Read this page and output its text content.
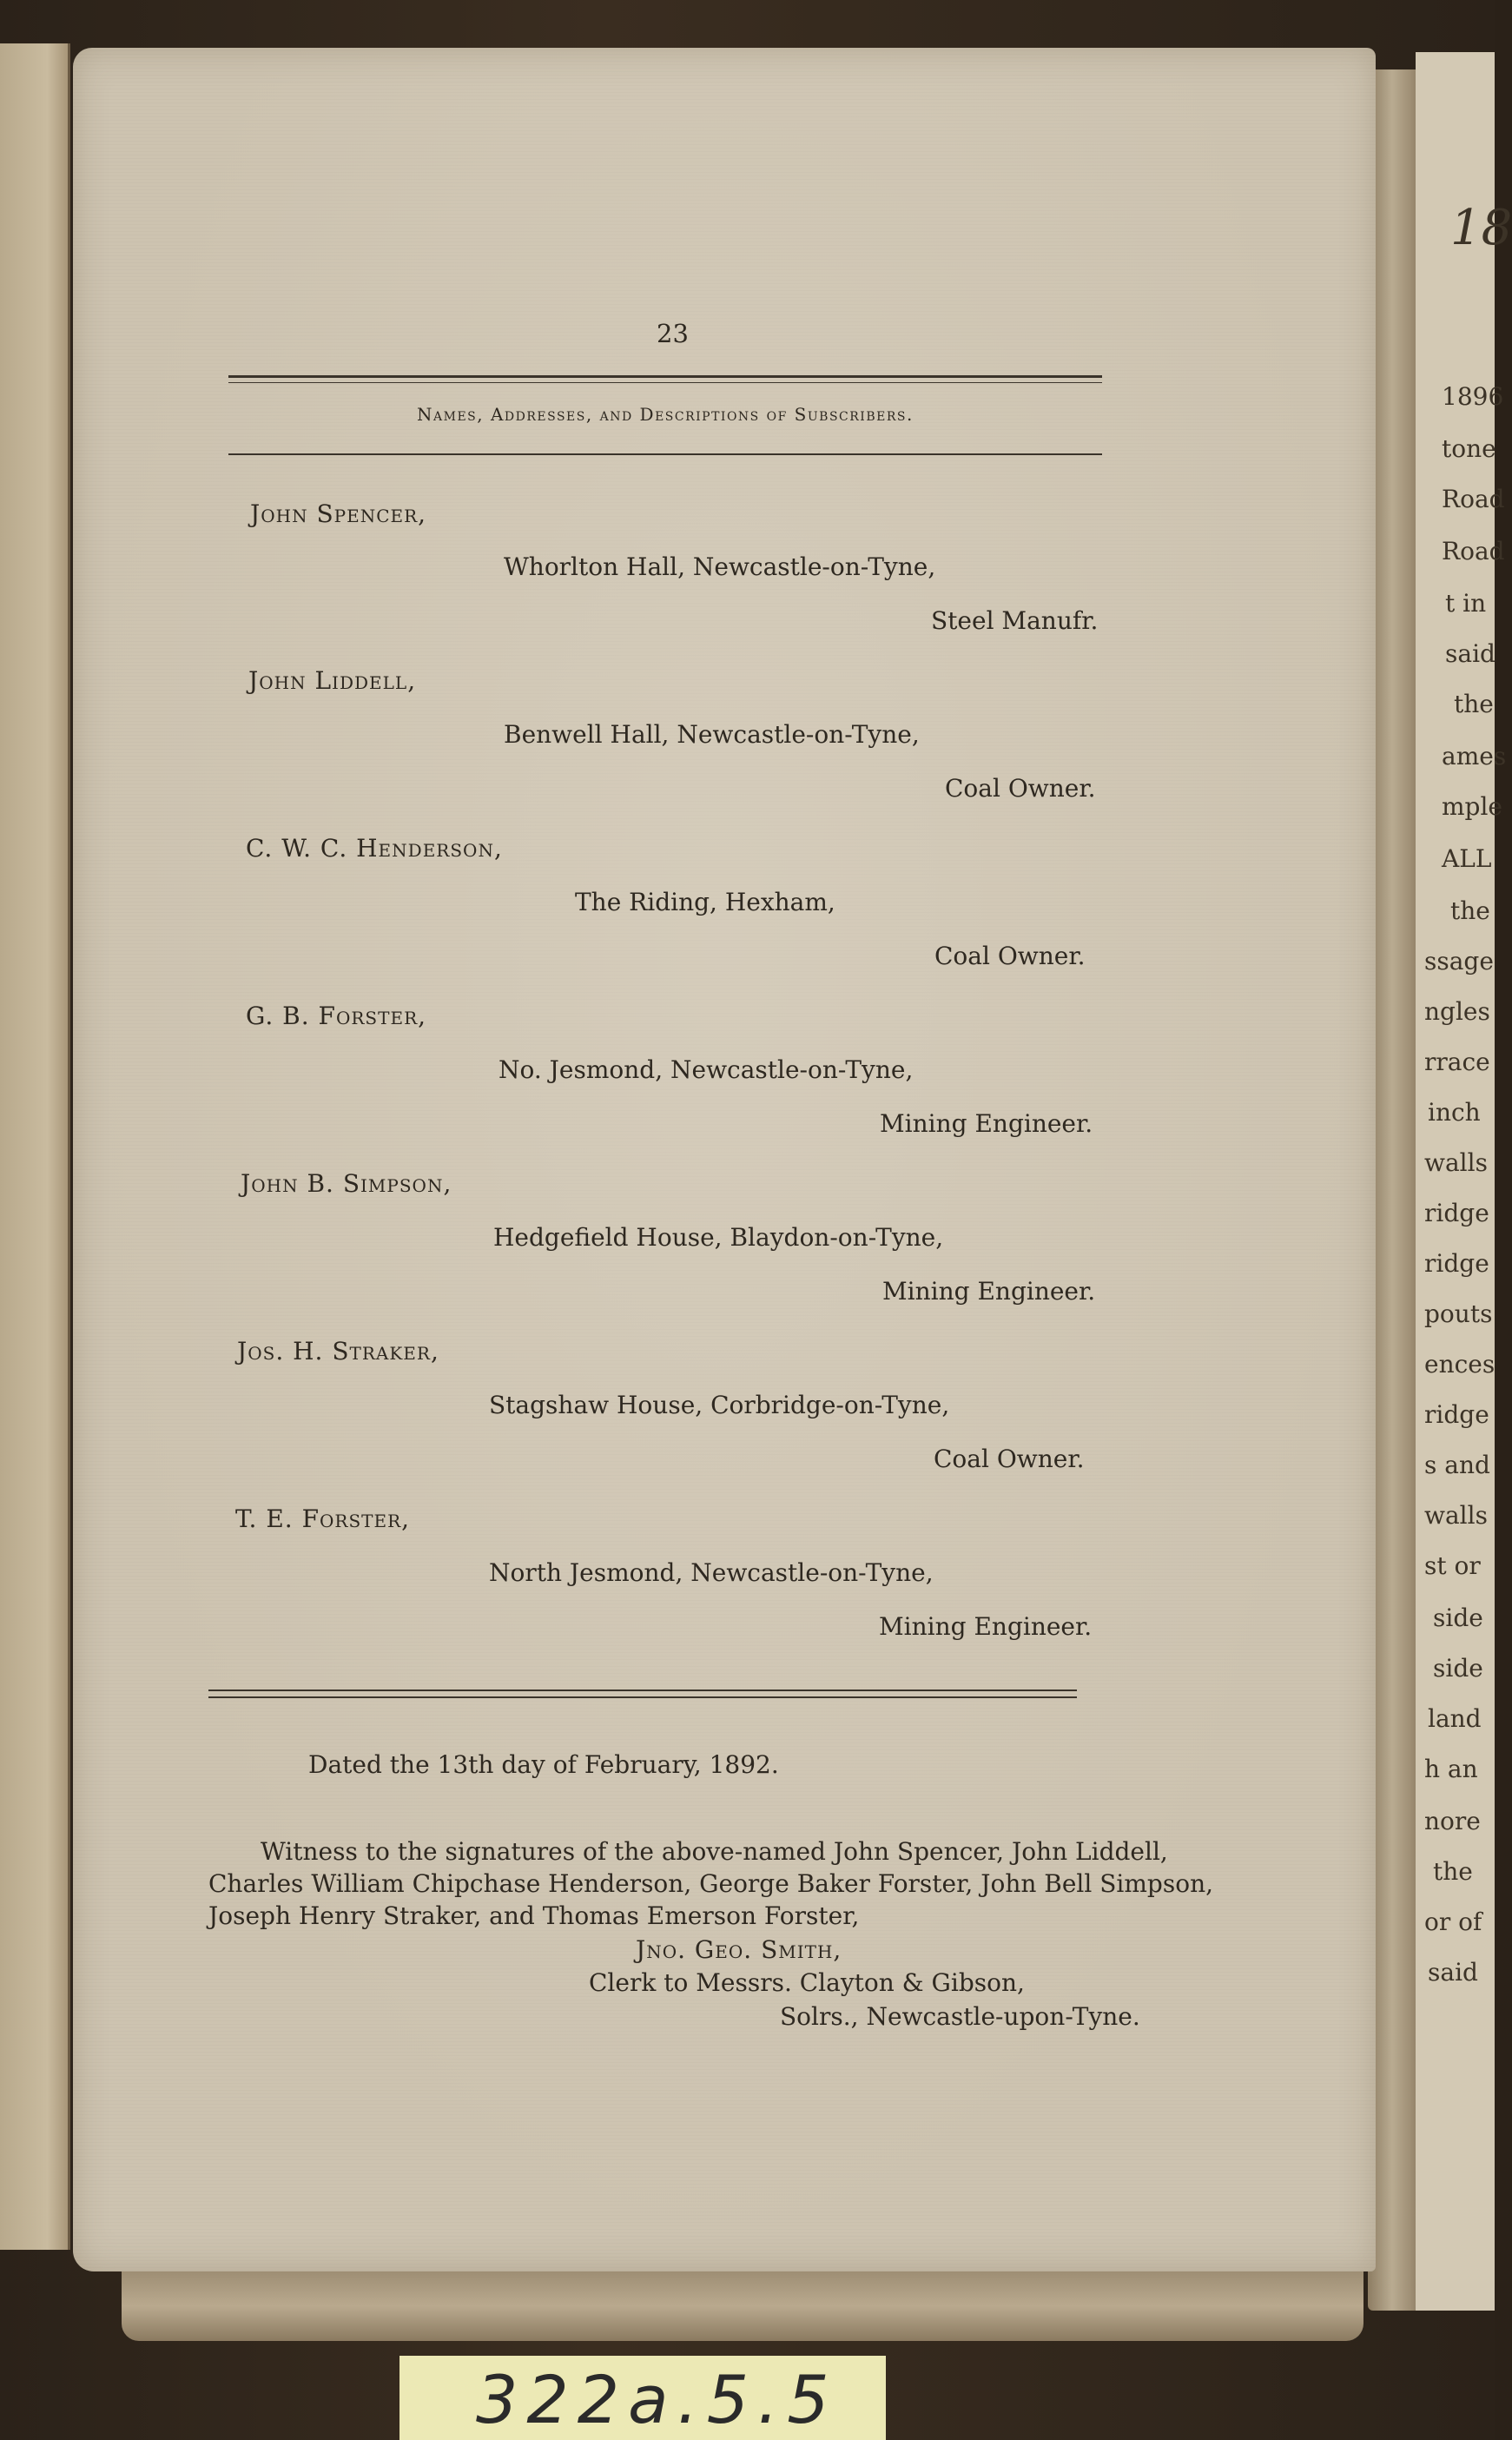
18
1896
tone
Road
Road
t in
said
the
ames
mple
ALL
the
ssage
ngles
rrace
inch
walls
ridge
ridge
pouts
ences
ridge
s and
walls
st or
side
side
land
h an
nore
the
or of
said
23
Names, Addresses, and Descriptions of Subscribers.
John Spencer,
Whorlton Hall, Newcastle-on-Tyne,
Steel Manufr.
John Liddell,
Benwell Hall, Newcastle-on-Tyne,
Coal Owner.
C. W. C. Henderson,
The Riding, Hexham,
Coal Owner.
G. B. Forster,
No. Jesmond, Newcastle-on-Tyne,
Mining Engineer.
John B. Simpson,
Hedgefield House, Blaydon-on-Tyne,
Mining Engineer.
Jos. H. Straker,
Stagshaw House, Corbridge-on-Tyne,
Coal Owner.
T. E. Forster,
North Jesmond, Newcastle-on-Tyne,
Mining Engineer.
Dated the 13th day of February, 1892.
Witness to the signatures of the above-named John Spencer, John Liddell,
Charles William Chipchase Henderson, George Baker Forster, John Bell Simpson,
Joseph Henry Straker, and Thomas Emerson Forster,
Jno. Geo. Smith,
Clerk to Messrs. Clayton & Gibson,
Solrs., Newcastle-upon-Tyne.
322a.5.5
